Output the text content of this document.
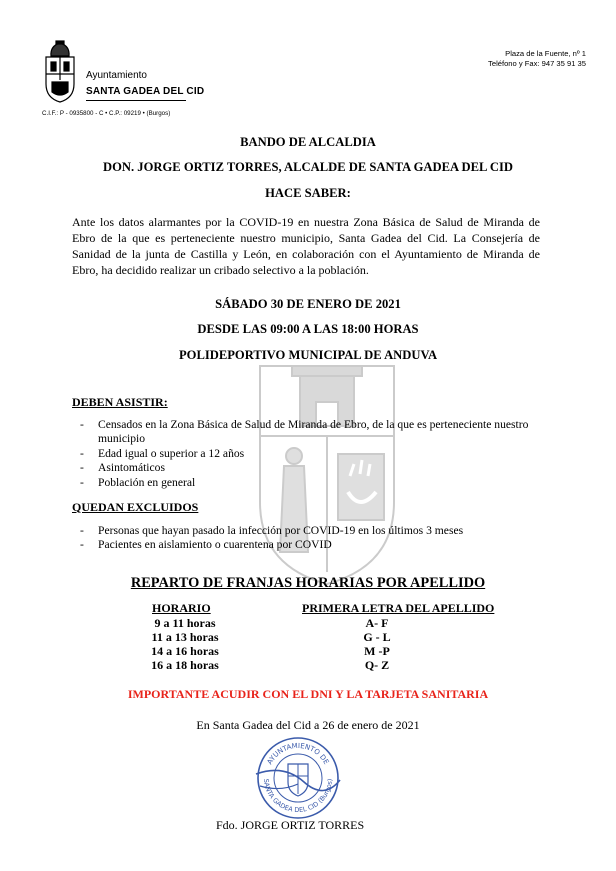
Ayuntamiento
SANTA GADEA DEL CID
C.I.F.: P - 0935800 - C • C.P.: 09219 • (Burgos)
Plaza de la Fuente, nº 1
Teléfono y Fax: 947 35 91 35
BANDO DE ALCALDIA
DON. JORGE ORTIZ TORRES, ALCALDE DE SANTA GADEA DEL CID
HACE SABER:
Ante los datos alarmantes por la COVID-19 en nuestra Zona Básica de Salud de Miranda de Ebro de la que es perteneciente nuestro municipio, Santa Gadea del Cid. La Consejería de Sanidad de la junta de Castilla y León, en colaboración con el Ayuntamiento de Miranda de Ebro, ha decidido realizar un cribado selectivo a la población.
SÁBADO 30 DE ENERO DE 2021
DESDE LAS 09:00 A LAS 18:00 HORAS
POLIDEPORTIVO MUNICIPAL DE ANDUVA
DEBEN ASISTIR:
- Censados en la Zona Básica de Salud de Miranda de Ebro, de la que es perteneciente nuestro municipio
- Edad igual o superior a 12 años
- Asintomáticos
- Población en general
QUEDAN EXCLUIDOS
- Personas que hayan pasado la infección por COVID-19 en los últimos 3 meses
- Pacientes en aislamiento o cuarentena por COVID
REPARTO DE FRANJAS HORARIAS POR APELLIDO
HORARIO	PRIMERA LETRA DEL APELLIDO
9 a 11 horas	A- F
11 a 13 horas	G - L
14 a 16 horas	M -P
16 a 18 horas	Q- Z
IMPORTANTE ACUDIR CON EL DNI Y LA TARJETA SANITARIA
En Santa Gadea del Cid a 26 de enero de 2021
AYUNTAMIENTO DE
SANTA GADEA DEL CID (Burgos)
Fdo. JORGE ORTIZ TORRES
